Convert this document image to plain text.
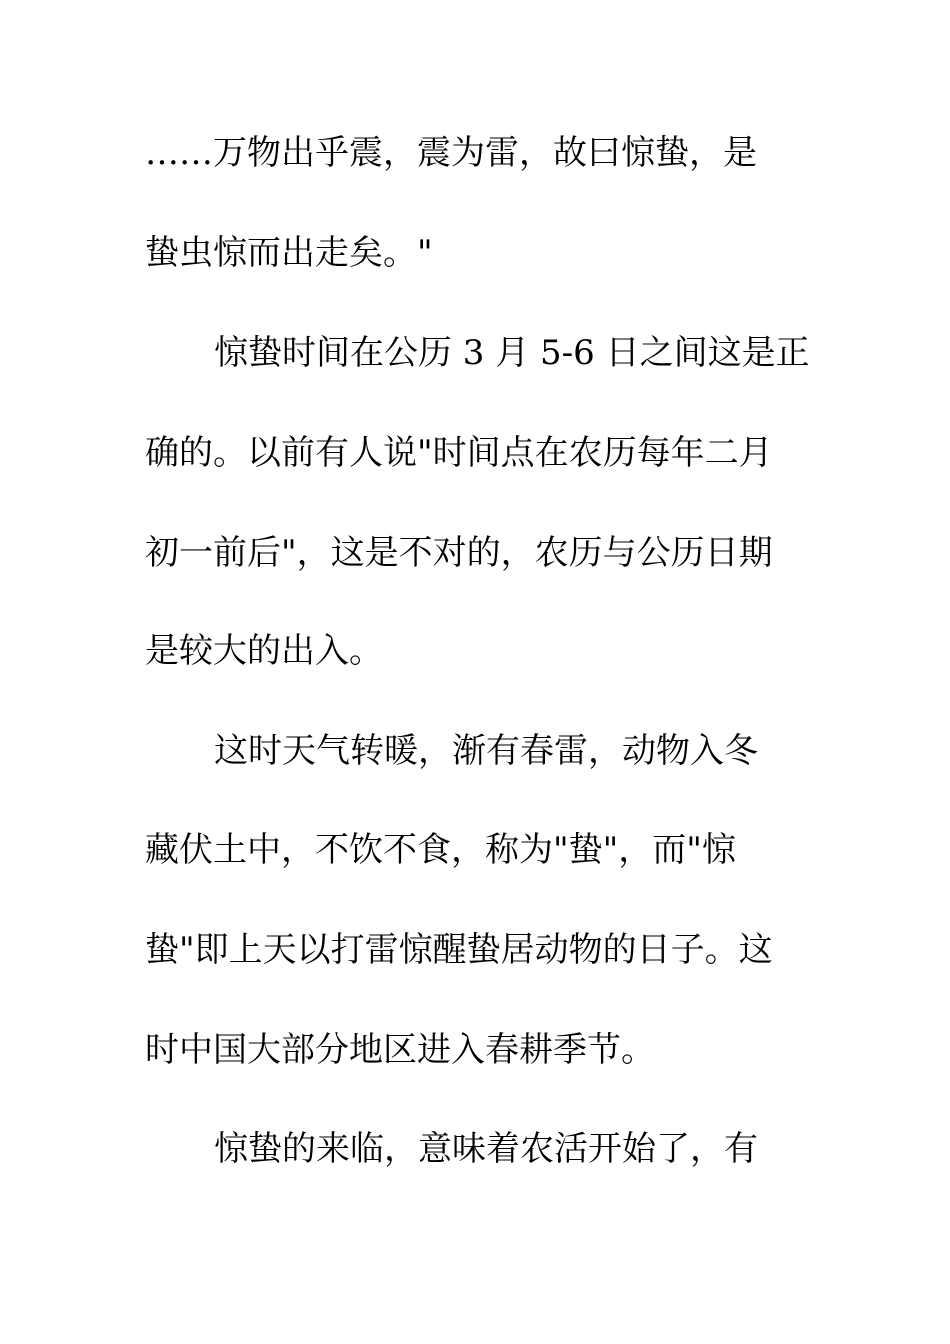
……万物出乎震，震为雷，故曰惊蛰，是
蛰虫惊而出走矣。"
惊蛰时间在公历 3 月 5-6 日之间这是正
确的。以前有人说"时间点在农历每年二月
初一前后"，这是不对的，农历与公历日期
是较大的出入。
这时天气转暖，渐有春雷，动物入冬
藏伏土中，不饮不食，称为"蛰"，而"惊
蛰"即上天以打雷惊醒蛰居动物的日子。这
时中国大部分地区进入春耕季节。
惊蛰的来临，意味着农活开始了，有
